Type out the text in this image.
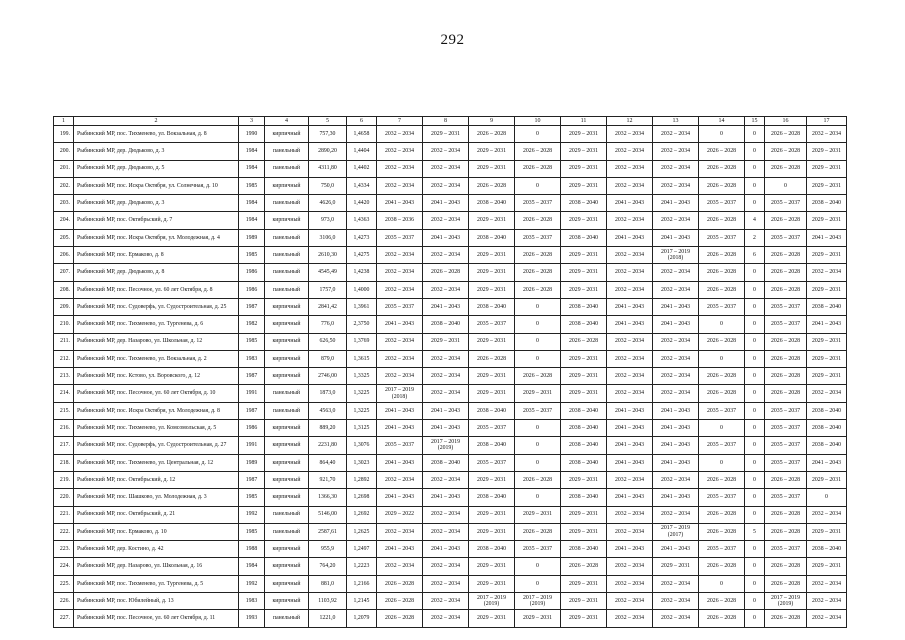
292
1	2	3	4	5	6	7	8	9	10	11	12	13	14	15	16	17
199.	Рыбинский МР, пос. Тихменево, ул. Вокзальная, д. 8	1990	кирпичный	757,30	1,4658	2032 – 2034	2029 – 2031	2026 – 2028	0	2029 – 2031	2032 – 2034	2032 – 2034	0	0	2026 – 2028	2032 – 2034
200.	Рыбинский МР, дер. Дюдьково, д. 3	1984	панельный	2890,20	1,4404	2032 – 2034	2032 – 2034	2029 – 2031	2026 – 2028	2029 – 2031	2032 – 2034	2032 – 2034	2026 – 2028	0	2026 – 2028	2029 – 2031
201.	Рыбинский МР, дер. Дюдьково, д. 5	1984	панельный	4311,80	1,4402	2032 – 2034	2032 – 2034	2029 – 2031	2026 – 2028	2029 – 2031	2032 – 2034	2032 – 2034	2026 – 2028	0	2026 – 2028	2029 – 2031
202.	Рыбинский МР, пос. Искра Октября, ул. Солнечная, д. 10	1985	кирпичный	750,0	1,4334	2032 – 2034	2032 – 2034	2026 – 2028	0	2029 – 2031	2032 – 2034	2032 – 2034	2026 – 2028	0	0	2029 – 2031
203.	Рыбинский МР, дер. Дюдьково, д. 3	1984	панельный	4626,0	1,4420	2041 – 2043	2041 – 2043	2038 – 2040	2035 – 2037	2038 – 2040	2041 – 2043	2041 – 2043	2035 – 2037	0	2035 – 2037	2038 – 2040
204.	Рыбинский МР, пос. Октябрьский, д. 7	1984	кирпичный	973,0	1,4363	2038 – 2036	2032 – 2034	2029 – 2031	2026 – 2028	2029 – 2031	2032 – 2034	2032 – 2034	2026 – 2028	4	2026 – 2028	2029 – 2031
205.	Рыбинский МР, пос. Искра Октября, ул. Молодежная, д. 4	1989	панельный	3106,0	1,4273	2035 – 2037	2041 – 2043	2038 – 2040	2035 – 2037	2038 – 2040	2041 – 2043	2041 – 2043	2035 – 2037	2	2035 – 2037	2041 – 2043
206.	Рыбинский МР, пос. Ермаково, д. 8	1985	панельный	2610,30	1,4275	2032 – 2034	2032 – 2034	2029 – 2031	2026 – 2028	2029 – 2031	2032 – 2034	2017 – 2019 (2018)	2026 – 2028	6	2026 – 2028	2029 – 2031
207.	Рыбинский МР, дер. Дюдьково, д. 8	1986	панельный	4545,49	1,4238	2032 – 2034	2026 – 2028	2029 – 2031	2026 – 2028	2029 – 2031	2032 – 2034	2032 – 2034	2026 – 2028	0	2026 – 2028	2032 – 2034
208.	Рыбинский МР, пос. Песочное, ул. 60 лет Октября, д. 8	1986	панельный	1757,0	1,4000	2032 – 2034	2032 – 2034	2029 – 2031	2026 – 2028	2029 – 2031	2032 – 2034	2032 – 2034	2026 – 2028	0	2026 – 2028	2029 – 2031
209.	Рыбинский МР, пос. Судоверфь, ул. Судостроительная, д. 25	1987	кирпичный	2841,42	1,3961	2035 – 2037	2041 – 2043	2038 – 2040	0	2038 – 2040	2041 – 2043	2041 – 2043	2035 – 2037	0	2035 – 2037	2038 – 2040
210.	Рыбинский МР, пос. Тихменево, ул. Тургенева, д. 6	1982	кирпичный	776,0	2,3750	2041 – 2043	2038 – 2040	2035 – 2037	0	2038 – 2040	2041 – 2043	2041 – 2043	0	0	2035 – 2037	2041 – 2043
211.	Рыбинский МР, дер. Назарово, ул. Школьная, д. 12	1985	кирпичный	626,50	1,3769	2032 – 2034	2029 – 2031	2029 – 2031	0	2026 – 2028	2032 – 2034	2032 – 2034	2026 – 2028	0	2026 – 2028	2029 – 2031
212.	Рыбинский МР, пос. Тихменево, ул. Вокзальная, д. 2	1983	кирпичный	879,0	1,3615	2032 – 2034	2032 – 2034	2026 – 2028	0	2029 – 2031	2032 – 2034	2032 – 2034	0	0	2026 – 2028	2029 – 2031
213.	Рыбинский МР, пос. Кстово, ул. Воровского, д. 12	1987	кирпичный	2746,00	1,3325	2032 – 2034	2032 – 2034	2029 – 2031	2026 – 2028	2029 – 2031	2032 – 2034	2032 – 2034	2026 – 2028	0	2026 – 2028	2029 – 2031
214.	Рыбинский МР, пос. Песочное, ул. 60 лет Октября, д. 10	1991	панельный	1873,0	1,3225	2017 – 2019 (2018)	2032 – 2034	2029 – 2031	2029 – 2031	2029 – 2031	2032 – 2034	2032 – 2034	2026 – 2028	0	2026 – 2028	2032 – 2034
215.	Рыбинский МР, пос. Искра Октября, ул. Молодежная, д. 8	1987	панельный	4563,0	1,3225	2041 – 2043	2041 – 2043	2038 – 2040	2035 – 2037	2038 – 2040	2041 – 2043	2041 – 2043	2035 – 2037	0	2035 – 2037	2038 – 2040
216.	Рыбинский МР, пос. Тихменево, ул. Комсомольская, д. 5	1986	кирпичный	889,20	1,3125	2041 – 2043	2041 – 2043	2035 – 2037	0	2038 – 2040	2041 – 2043	2041 – 2043	0	0	2035 – 2037	2038 – 2040
217.	Рыбинский МР, пос. Судоверфь, ул. Судостроительная, д. 27	1991	кирпичный	2231,80	1,3076	2035 – 2037	2017 – 2019 (2019)	2038 – 2040	0	2038 – 2040	2041 – 2043	2041 – 2043	2035 – 2037	0	2035 – 2037	2038 – 2040
218.	Рыбинский МР, пос. Тихменево, ул. Центральная, д. 12	1989	кирпичный	864,40	1,3023	2041 – 2043	2038 – 2040	2035 – 2037	0	2038 – 2040	2041 – 2043	2041 – 2043	0	0	2035 – 2037	2041 – 2043
219.	Рыбинский МР, пос. Октябрьский, д. 12	1987	кирпичный	921,70	1,2892	2032 – 2034	2032 – 2034	2029 – 2031	2026 – 2028	2029 – 2031	2032 – 2034	2032 – 2034	2026 – 2028	0	2026 – 2028	2029 – 2031
220.	Рыбинский МР, пос. Шашково, ул. Молодежная, д. 3	1985	кирпичный	1366,30	1,2698	2041 – 2043	2041 – 2043	2038 – 2040	0	2038 – 2040	2041 – 2043	2041 – 2043	2035 – 2037	0	2035 – 2037	0
221.	Рыбинский МР, пос. Октябрьский, д. 21	1992	панельный	5146,00	1,2692	2029 – 2022	2032 – 2034	2029 – 2031	2029 – 2031	2029 – 2031	2032 – 2034	2032 – 2034	2026 – 2028	0	2026 – 2028	2032 – 2034
222.	Рыбинский МР, пос. Ермаково, д. 10	1985	панельный	2587,61	1,2625	2032 – 2034	2032 – 2034	2029 – 2031	2026 – 2028	2029 – 2031	2032 – 2034	2017 – 2019 (2017)	2026 – 2028	5	2026 – 2028	2029 – 2031
223.	Рыбинский МР, дер. Костино, д. 42	1988	кирпичный	955,9	1,2497	2041 – 2043	2041 – 2043	2038 – 2040	2035 – 2037	2038 – 2040	2041 – 2043	2041 – 2043	2035 – 2037	0	2035 – 2037	2038 – 2040
224.	Рыбинский МР, дер. Назарово, ул. Школьная, д. 16	1984	кирпичный	764,20	1,2223	2032 – 2034	2032 – 2034	2029 – 2031	0	2026 – 2028	2032 – 2034	2029 – 2031	2026 – 2028	0	2026 – 2028	2029 – 2031
225.	Рыбинский МР, пос. Тихменево, ул. Тургенева, д. 5	1992	кирпичный	881,0	1,2166	2026 – 2028	2032 – 2034	2029 – 2031	0	2029 – 2031	2032 – 2034	2032 – 2034	0	0	2026 – 2028	2032 – 2034
226.	Рыбинский МР, пос. Юбилейный, д. 13	1983	кирпичный	1103,92	1,2145	2026 – 2028	2032 – 2034	2017 – 2019 (2019)	2017 – 2019 (2019)	2029 – 2031	2032 – 2034	2032 – 2034	2026 – 2028	0	2017 – 2019 (2019)	2032 – 2034
227.	Рыбинский МР, пос. Песочное, ул. 60 лет Октября, д. 11	1993	панельный	1221,0	1,2079	2026 – 2028	2032 – 2034	2029 – 2031	2029 – 2031	2029 – 2031	2032 – 2034	2032 – 2034	2026 – 2028	0	2026 – 2028	2032 – 2034
